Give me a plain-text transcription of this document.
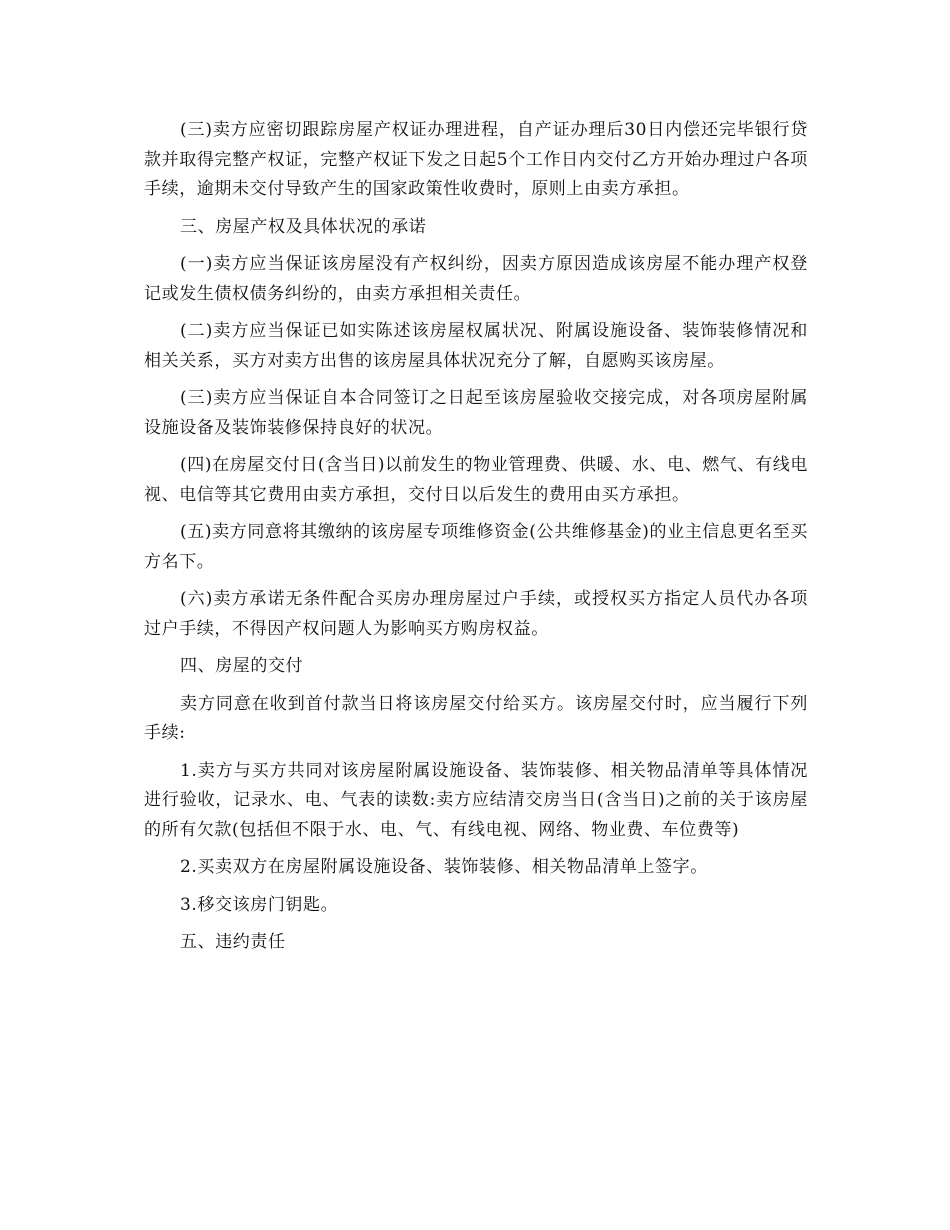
(三)卖方应密切跟踪房屋产权证办理进程，自产证办理后30日内偿还完毕银行贷款并取得完整产权证，完整产权证下发之日起5个工作日内交付乙方开始办理过户各项手续，逾期未交付导致产生的国家政策性收费时，原则上由卖方承担。

三、房屋产权及具体状况的承诺

(一)卖方应当保证该房屋没有产权纠纷，因卖方原因造成该房屋不能办理产权登记或发生债权债务纠纷的，由卖方承担相关责任。

(二)卖方应当保证已如实陈述该房屋权属状况、附属设施设备、装饰装修情况和相关关系，买方对卖方出售的该房屋具体状况充分了解，自愿购买该房屋。

(三)卖方应当保证自本合同签订之日起至该房屋验收交接完成，对各项房屋附属设施设备及装饰装修保持良好的状况。

(四)在房屋交付日(含当日)以前发生的物业管理费、供暖、水、电、燃气、有线电视、电信等其它费用由卖方承担，交付日以后发生的费用由买方承担。

(五)卖方同意将其缴纳的该房屋专项维修资金(公共维修基金)的业主信息更名至买方名下。

(六)卖方承诺无条件配合买房办理房屋过户手续，或授权买方指定人员代办各项过户手续，不得因产权问题人为影响买方购房权益。

四、房屋的交付

卖方同意在收到首付款当日将该房屋交付给买方。该房屋交付时，应当履行下列手续:

1.卖方与买方共同对该房屋附属设施设备、装饰装修、相关物品清单等具体情况进行验收，记录水、电、气表的读数:卖方应结清交房当日(含当日)之前的关于该房屋的所有欠款(包括但不限于水、电、气、有线电视、网络、物业费、车位费等)

2.买卖双方在房屋附属设施设备、装饰装修、相关物品清单上签字。

3.移交该房门钥匙。

五、违约责任
